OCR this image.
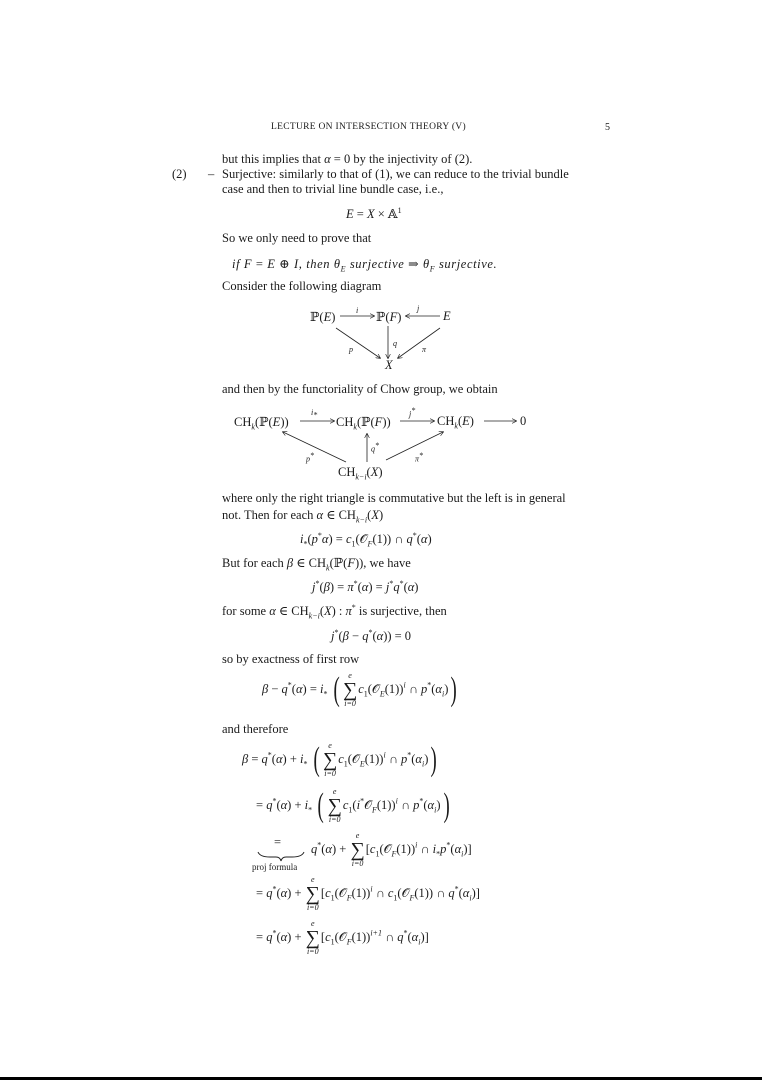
LECTURE ON INTERSECTION THEORY (V)	5
but this implies that α = 0 by the injectivity of (2).
(2) – Surjective: similarly to that of (1), we can reduce to the trivial bundle
case and then to trivial line bundle case, i.e.,
E = X × 𝔸$^1$
So we only need to prove that
if F = E ⊕ I, then $\theta_E$ surjective ⇒ $\theta_F$ surjective.
Consider the following diagram
ℙ(E)	ℙ(F)	E
X
i	j
q
p	π
and then by the functoriality of Chow group, we obtain
$CH_k(ℙ(E))$	$CH_k(ℙ(F))$	$CH_k(E)$	0
$CH_{k-i}(X)$
$i_*$	j*
q*
p*	π*
where only the right triangle is commutative but the left is in general
not. Then for each α ∈ $CH_{k-i}(X)$
$i_*(p^*\alpha)$ = $c_1(𝒪_F(1))$ ∩ q*(α)
But for each β ∈ $CH_k(ℙ(F))$, we have
j*(β) = π*(α) = j*q*(α)
for some α ∈ $CH_{k-i}(X)$ : π* is surjective, then
j*(β − q*(α)) = 0
so by exactness of first row
$\beta - q^*(\alpha) = i_*$ (	e
∑
i=0
$c_1(𝒪_E(1))^i$ ∩ $p^*(\alpha_i)$)
and therefore
$\beta = q^*(\alpha) + i_*$ (	e
∑
i=0
$c_1(𝒪_E(1))^i$ ∩ $p^*(\alpha_i)$)
= $q^*(\alpha) + i_*$ (	e
∑
i=0
$c_1(i^*𝒪_F(1))^i$ ∩ $p^*(\alpha_i)$)
=
proj formula
q*(α) +
e
∑
i=0
[$c_1(𝒪_F(1))^i$ ∩ $i_*p^*(\alpha_i)$]
= q*(α) +
e
∑
i=0
[$c_1(𝒪_F(1))^i$ ∩ $c_1(𝒪_F(1))$ ∩ $q^*(\alpha_i)$]
= q*(α) +
e
∑
i=0
[$c_1(𝒪_F(1))^{i+1}$ ∩ $q^*(\alpha_i)$]
